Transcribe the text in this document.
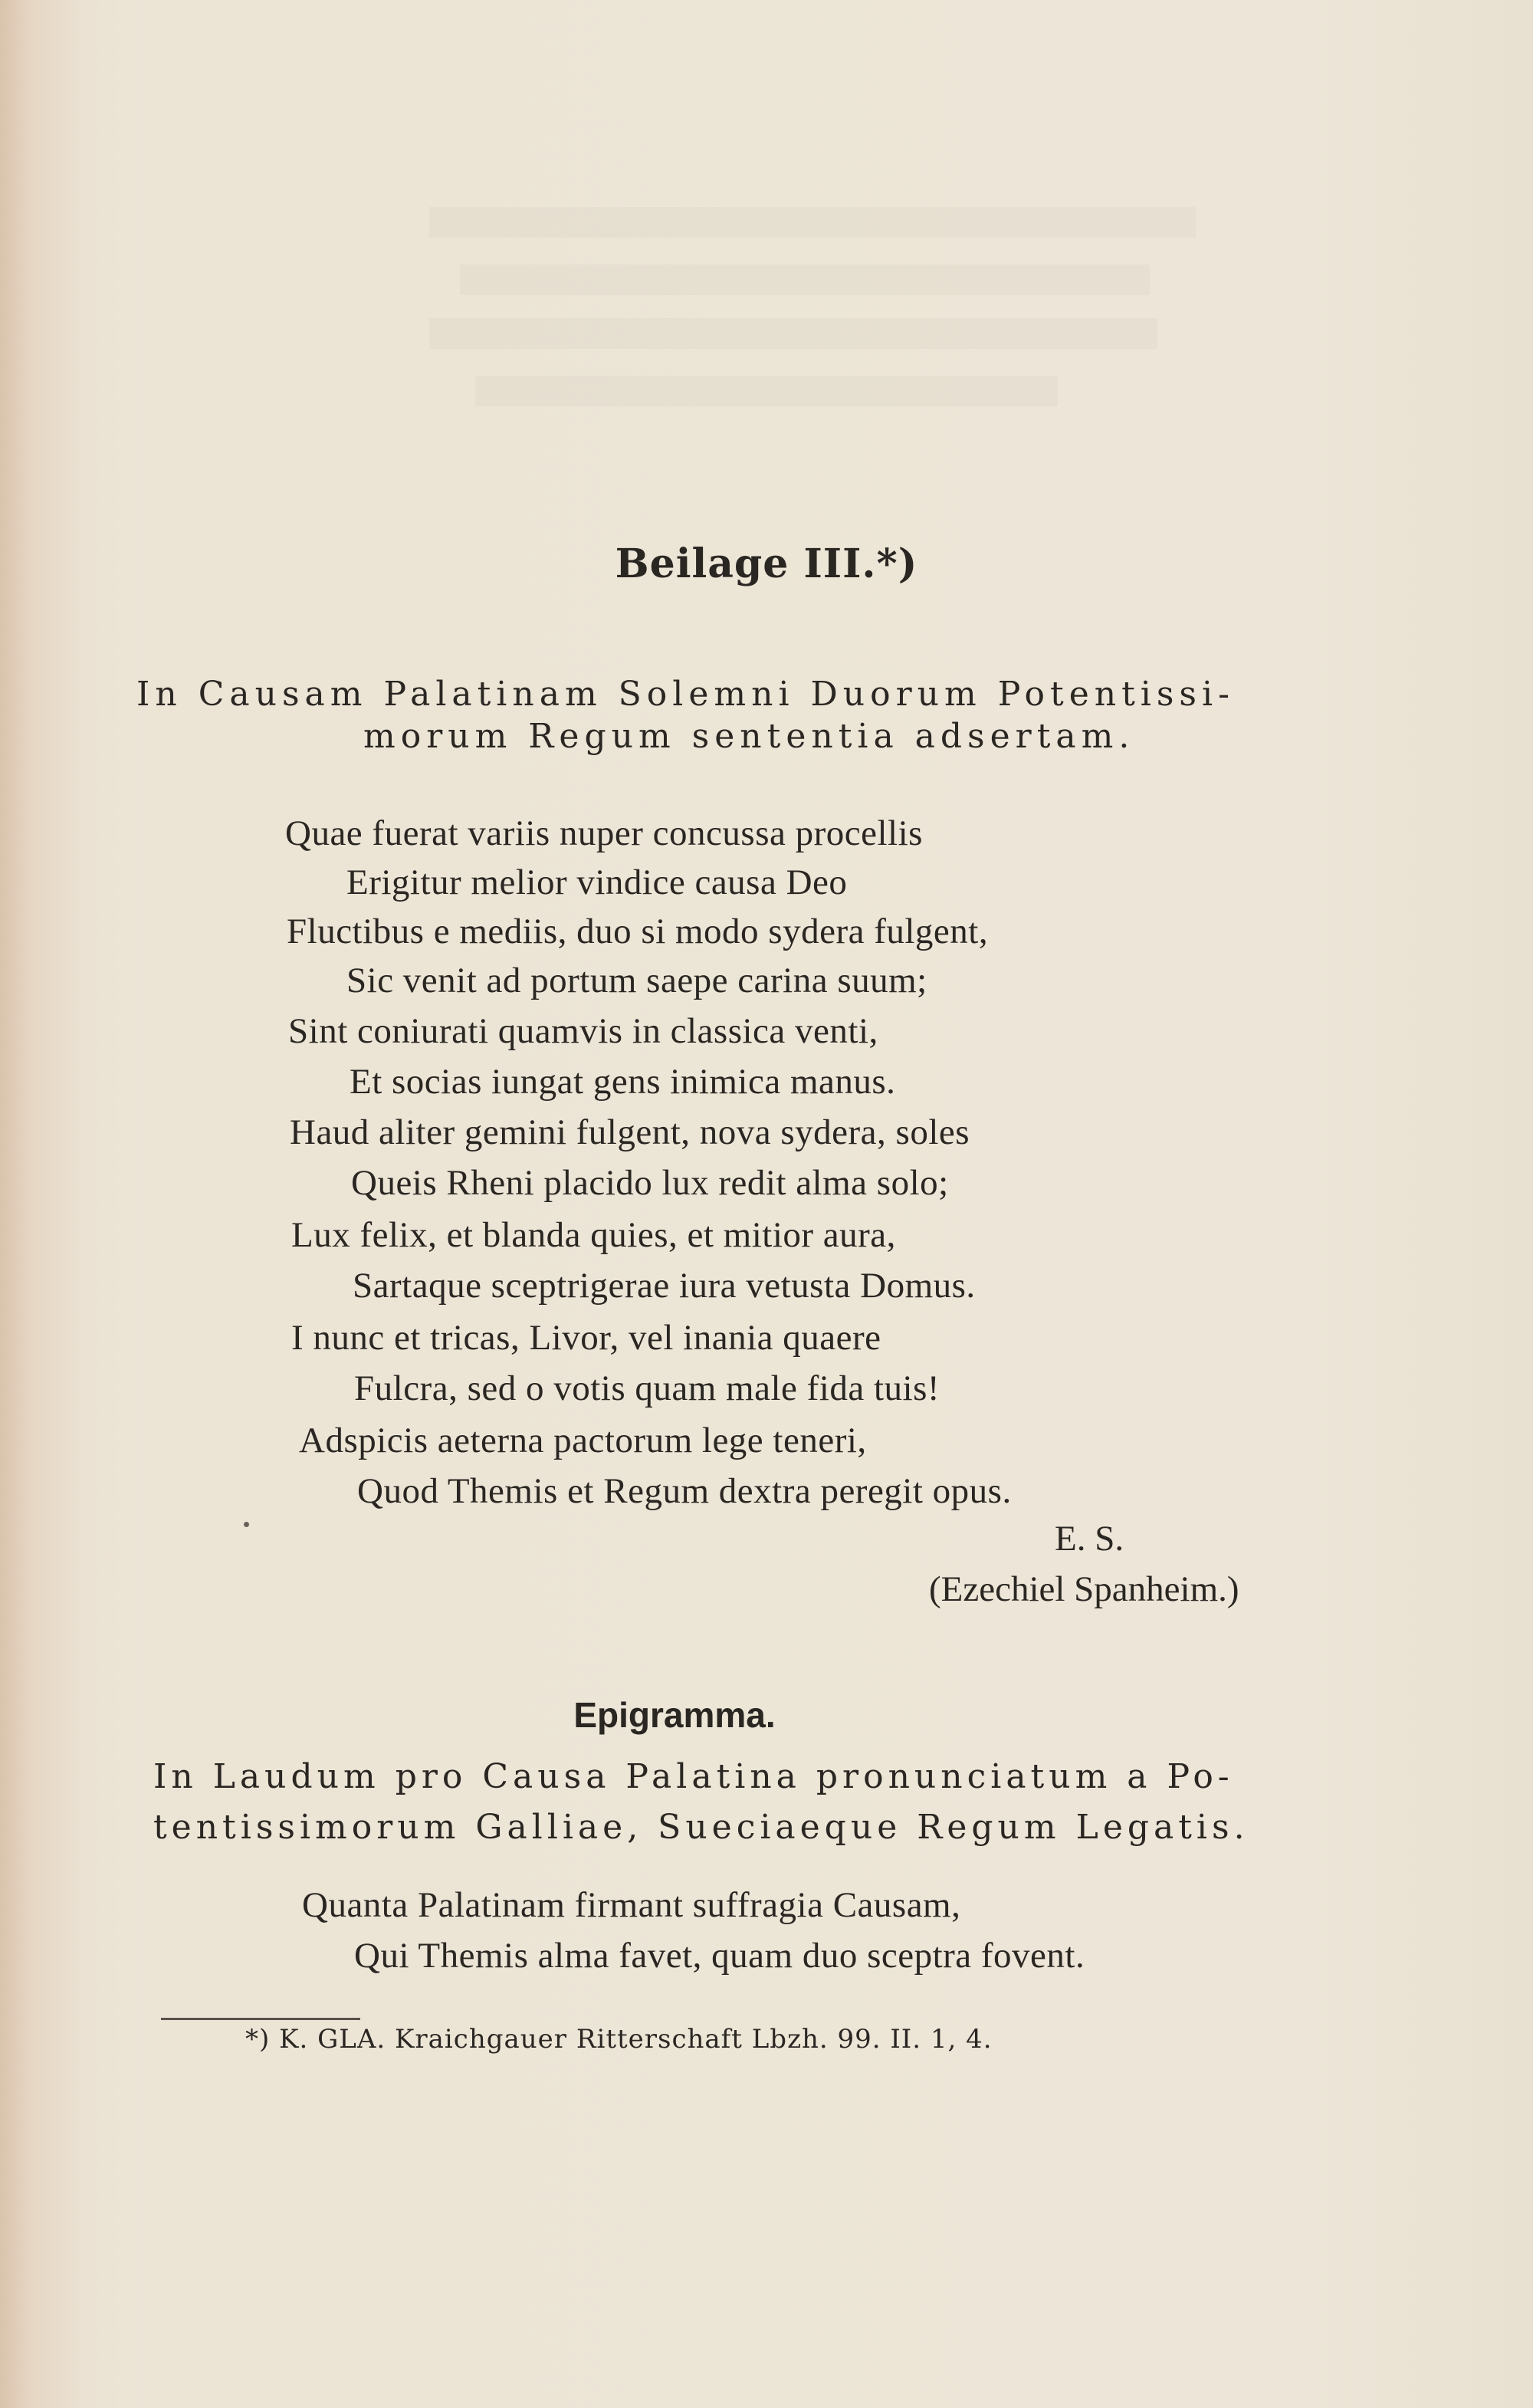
Beilage III.*)
In Causam Palatinam Solemni Duorum Potentissi-
morum Regum sententia adsertam.
Quae fuerat variis nuper concussa procellis
Erigitur melior vindice causa Deo
Fluctibus e mediis, duo si modo sydera fulgent,
Sic venit ad portum saepe carina suum;
Sint coniurati quamvis in classica venti,
Et socias iungat gens inimica manus.
Haud aliter gemini fulgent, nova sydera, soles
Queis Rheni placido lux redit alma solo;
Lux felix, et blanda quies, et mitior aura,
Sartaque sceptrigerae iura vetusta Domus.
I nunc et tricas, Livor, vel inania quaere
Fulcra, sed o votis quam male fida tuis!
Adspicis aeterna pactorum lege teneri,
Quod Themis et Regum dextra peregit opus.
E. S.
(Ezechiel Spanheim.)
Epigramma.
In Laudum pro Causa Palatina pronunciatum a Po-
tentissimorum Galliae, Sueciaeque Regum Legatis.
Quanta Palatinam firmant suffragia Causam,
Qui Themis alma favet, quam duo sceptra fovent.
*) K. GLA. Kraichgauer Ritterschaft Lbzh. 99. II. 1, 4.
